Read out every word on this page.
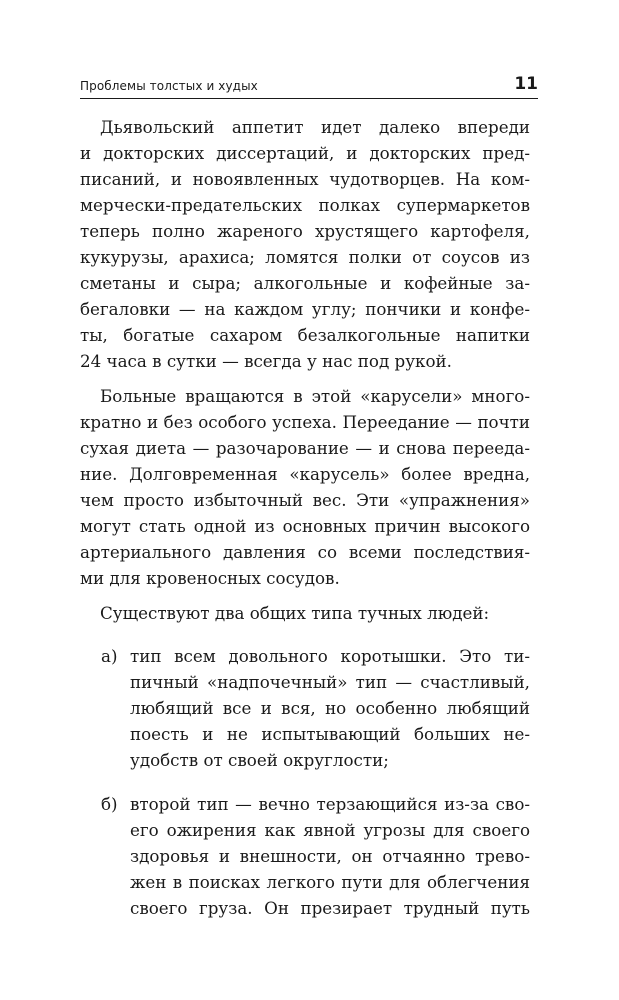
Проблемы толстых и худых	11
Дьявольский аппетит идет далеко впереди
и докторских диссертаций, и докторских пред-
писаний, и новоявленных чудотворцев. На ком-
мерчески-предательских полках супермаркетов
теперь полно жареного хрустящего картофеля,
кукурузы, арахиса; ломятся полки от соусов из
сметаны и сыра; алкогольные и кофейные за-
бегаловки — на каждом углу; пончики и конфе-
ты, богатые сахаром безалкогольные напитки
24 часа в сутки — всегда у нас под рукой.
Больные вращаются в этой «карусели» много-
кратно и без особого успеха. Переедание — почти
сухая диета — разочарование — и снова перееда-
ние. Долговременная «карусель» более вредна,
чем просто избыточный вес. Эти «упражнения»
могут стать одной из основных причин высокого
артериального давления со всеми последствия-
ми для кровеносных сосудов.
Существуют два общих типа тучных людей:
а) тип всем довольного коротышки. Это ти-
пичный «надпочечный» тип — счастливый,
любящий все и вся, но особенно любящий
поесть и не испытывающий больших не-
удобств от своей округлости;
б) второй тип — вечно терзающийся из-за сво-
его ожирения как явной угрозы для своего
здоровья и внешности, он отчаянно трево-
жен в поисках легкого пути для облегчения
своего груза. Он презирает трудный путь
